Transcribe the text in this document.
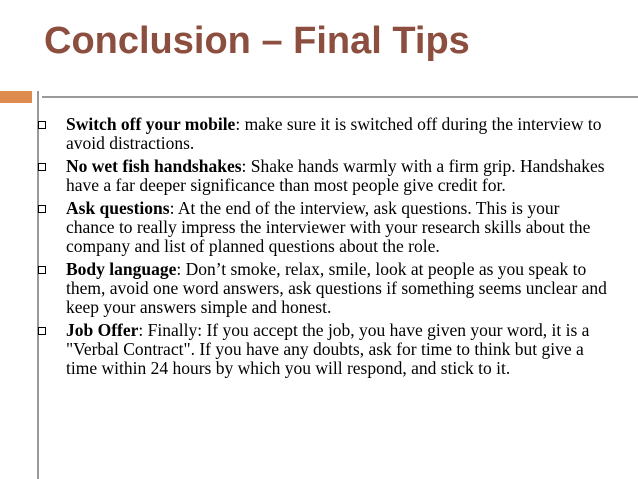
Conclusion – Final Tips
Switch off your mobile: make sure it is switched off during the interview to avoid distractions.
No wet fish handshakes: Shake hands warmly with a firm grip. Handshakes have a far deeper significance than most people give credit for.
Ask questions: At the end of the interview, ask questions. This is your chance to really impress the interviewer with your research skills about the company and list of planned questions about the role.
Body language: Don’t smoke, relax, smile, look at people as you speak to them, avoid one word answers, ask questions if something seems unclear and keep your answers simple and honest.
Job Offer: Finally: If you accept the job, you have given your word, it is a "Verbal Contract". If you have any doubts, ask for time to think but give a time within 24 hours by which you will respond, and stick to it.
